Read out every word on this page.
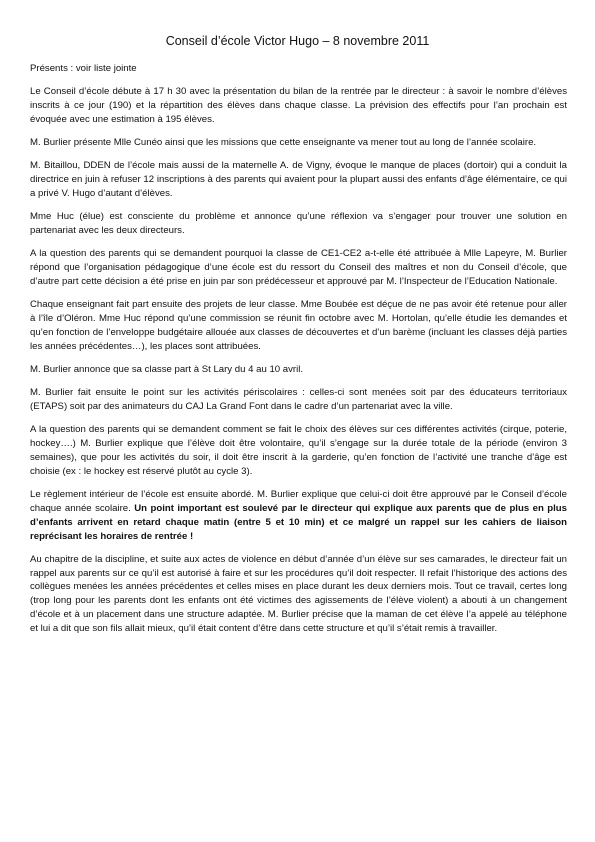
Conseil d’école Victor Hugo – 8 novembre 2011

Présents : voir liste jointe

Le Conseil d’école débute à 17 h 30 avec la présentation du bilan de la rentrée par le directeur : à savoir le nombre d’élèves inscrits à ce jour (190) et la répartition des élèves dans chaque classe. La prévision des effectifs pour l’an prochain est évoquée avec une estimation à 195 élèves.

M. Burlier présente Mlle Cunéo ainsi que les missions que cette enseignante va mener tout au long de l’année scolaire.

M. Bitaillou, DDEN de l’école mais aussi de la maternelle A. de Vigny, évoque le manque de places (dortoir) qui a conduit la directrice en juin à refuser 12 inscriptions à des parents qui avaient pour la plupart aussi des enfants d’âge élémentaire, ce qui a privé V. Hugo d’autant d’élèves.

Mme Huc (élue) est consciente du problème et annonce qu’une réflexion va s’engager pour trouver une solution en partenariat avec les deux directeurs.

A la question des parents qui se demandent pourquoi la classe de CE1-CE2 a-t-elle été attribuée à Mlle Lapeyre, M. Burlier répond que l’organisation pédagogique d’une école est du ressort du Conseil des maîtres et non du Conseil d’école, que d’autre part cette décision a été prise en juin par son prédécesseur et approuvé par M. l’Inspecteur de l’Education Nationale.

Chaque enseignant fait part ensuite des projets de leur classe. Mme Boubée est déçue de ne pas avoir été retenue pour aller à l’île d’Oléron. Mme Huc répond qu’une commission se réunit fin octobre avec M. Hortolan, qu’elle étudie les demandes et qu’en fonction de l’enveloppe budgétaire allouée aux classes de découvertes et d’un barème (incluant les classes déjà parties les années précédentes…), les places sont attribuées.

M. Burlier annonce que sa classe part à St Lary du 4 au 10 avril.

M. Burlier fait ensuite le point sur les activités périscolaires : celles-ci sont menées soit par des éducateurs territoriaux (ETAPS) soit par des animateurs du CAJ La Grand Font dans le cadre d’un partenariat avec la ville.

A la question des parents qui se demandent comment se fait le choix des élèves sur ces différentes activités (cirque, poterie, hockey….) M. Burlier explique que l’élève doit être volontaire, qu’il s’engage sur la durée totale de la période (environ 3 semaines), que pour les activités du soir, il doit être inscrit à la garderie, qu’en fonction de l’activité une tranche d’âge est choisie (ex : le hockey est réservé plutôt au cycle 3).

Le règlement intérieur de l’école est ensuite abordé. M. Burlier explique que celui-ci doit être approuvé par le Conseil d’école chaque année scolaire. Un point important est soulevé par le directeur qui explique aux parents que de plus en plus d’enfants arrivent en retard chaque matin (entre 5 et 10 min) et ce malgré un rappel sur les cahiers de liaison reprécisant les horaires de rentrée !

Au chapitre de la discipline, et suite aux actes de violence en début d’année d’un élève sur ses camarades, le directeur fait un rappel aux parents sur ce qu’il est autorisé à faire et sur les procédures qu’il doit respecter. Il refait l’historique des actions des collègues menées les années précédentes et celles mises en place durant les deux derniers mois. Tout ce travail, certes long (trop long pour les parents dont les enfants ont été victimes des agissements de l’élève violent) a abouti à un changement d’école et à un placement dans une structure adaptée. M. Burlier précise que la maman de cet élève l’a appelé au téléphone et lui a dit que son fils allait mieux, qu’il était content d’être dans cette structure et qu’il s’était remis à travailler.
